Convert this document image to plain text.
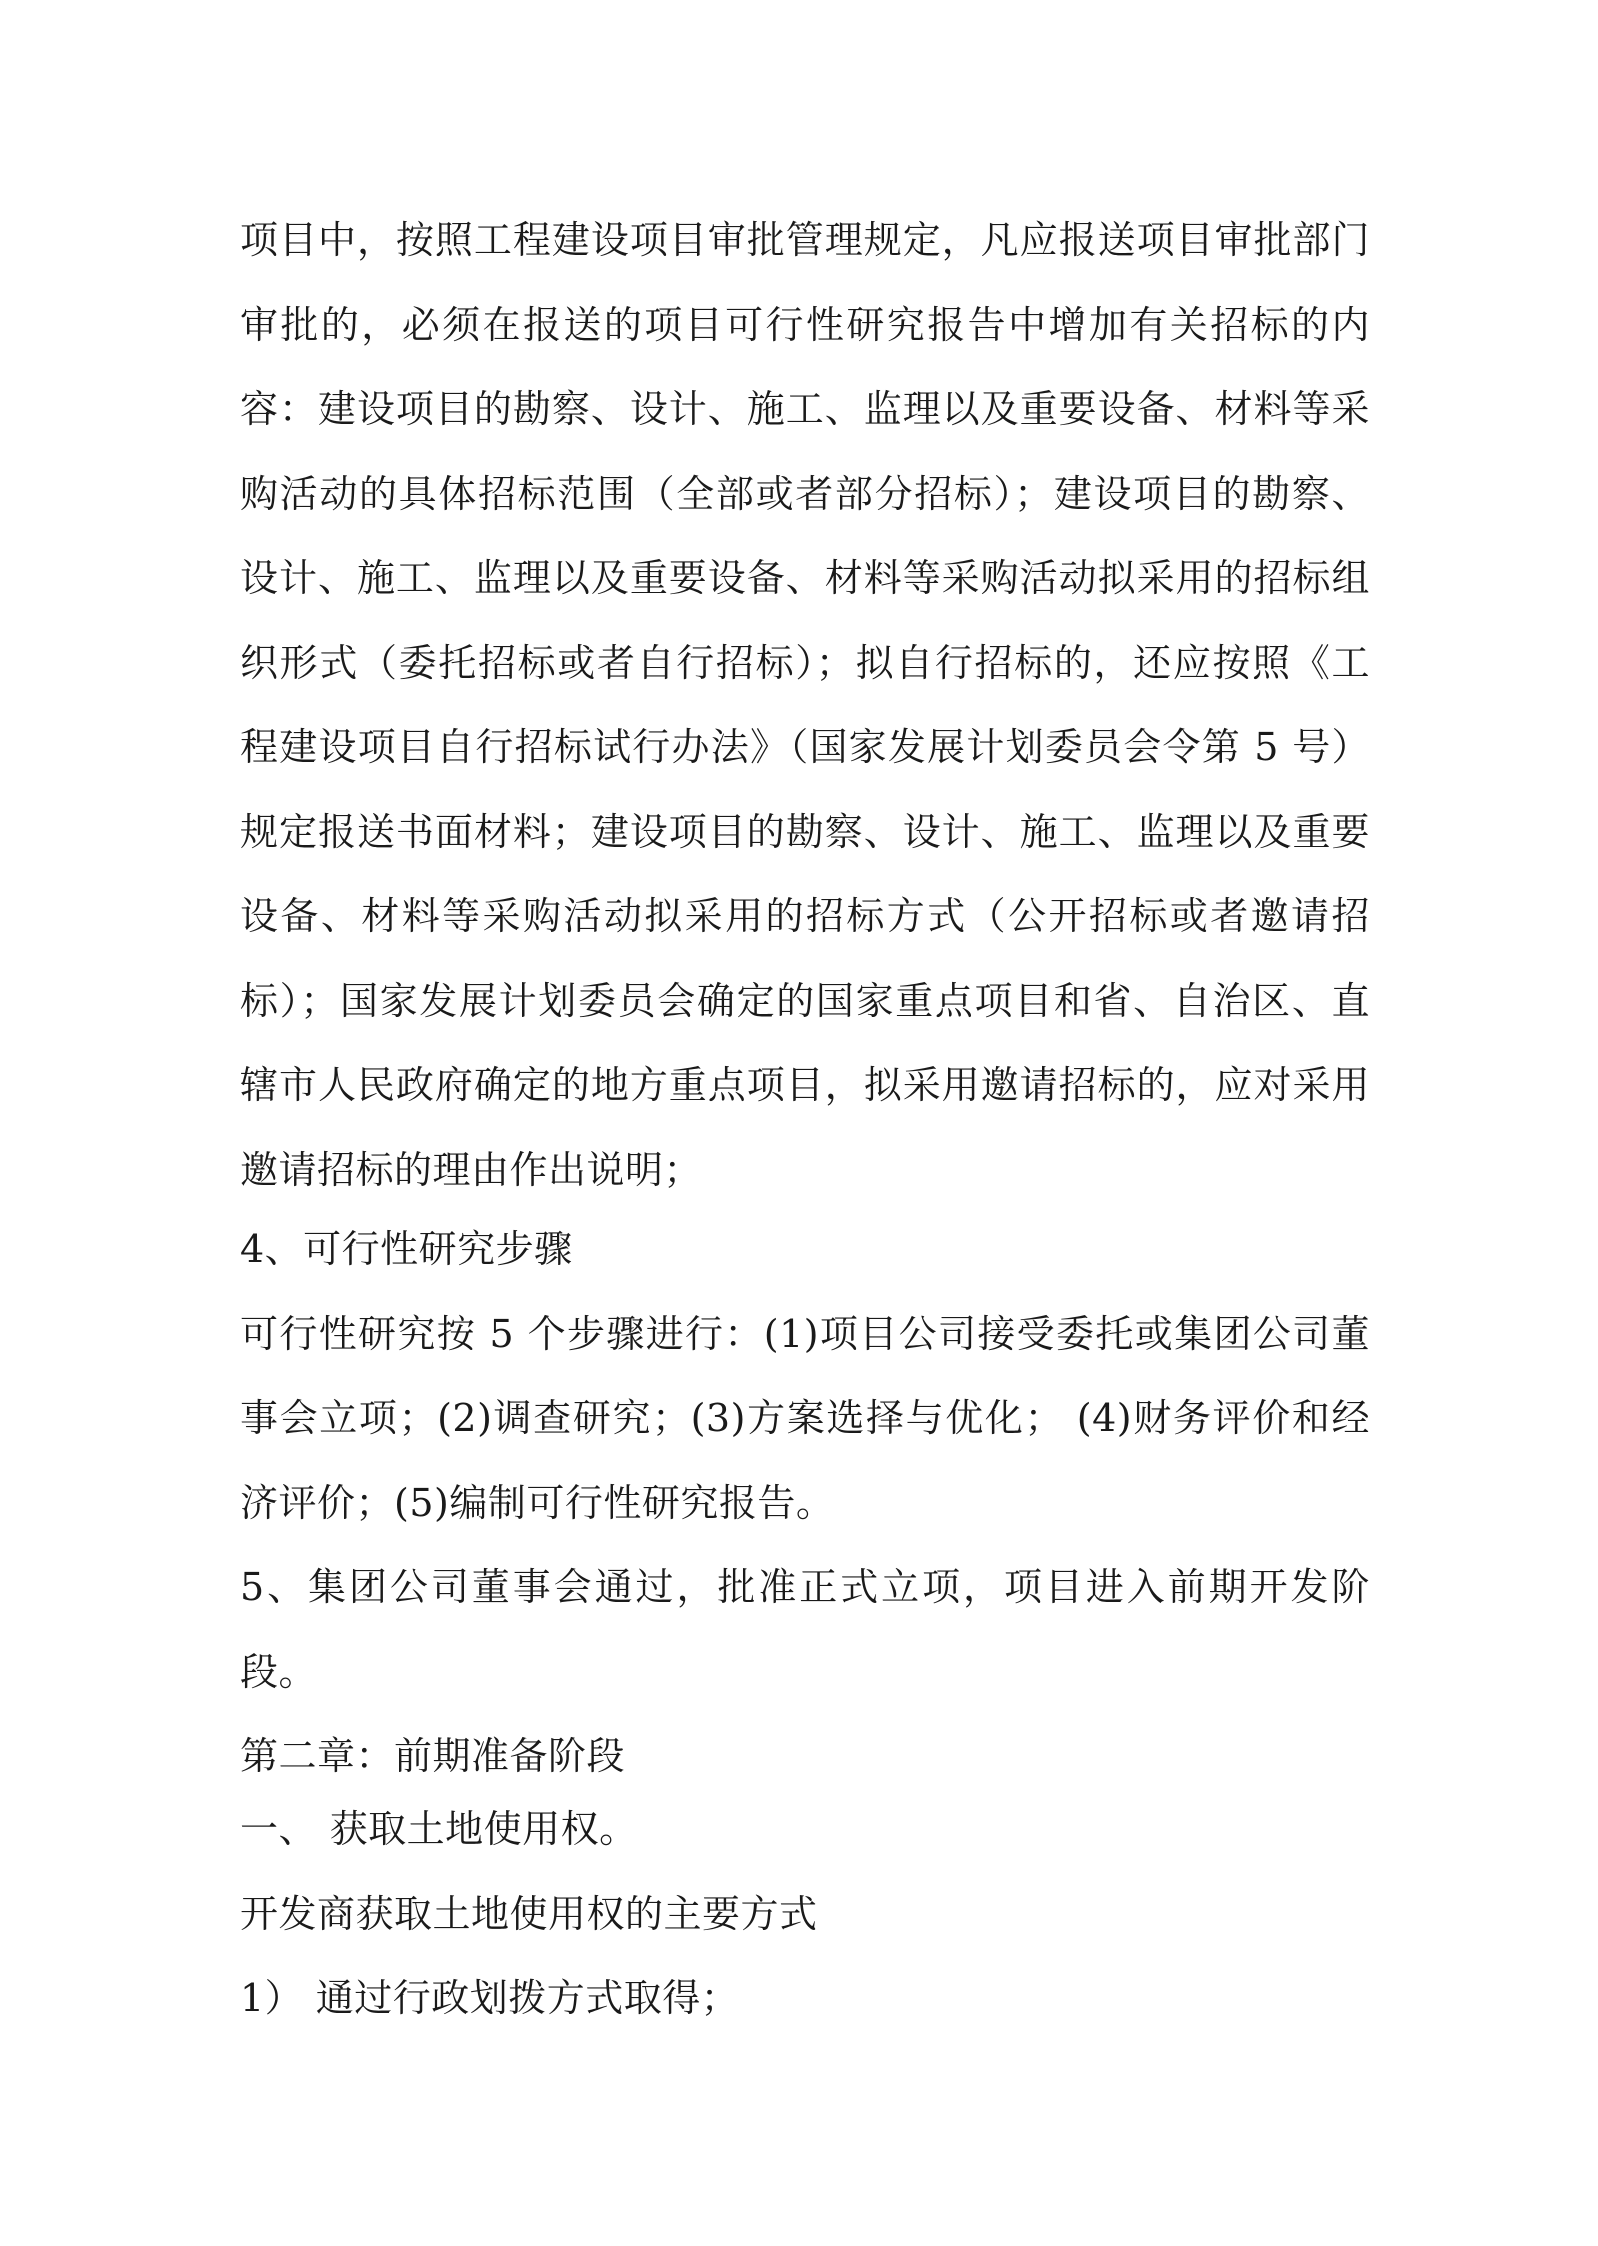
项目中，按照工程建设项目审批管理规定，凡应报送项目审批部门审批的，必须在报送的项目可行性研究报告中增加有关招标的内容：建设项目的勘察、设计、施工、监理以及重要设备、材料等采购活动的具体招标范围（全部或者部分招标）；建设项目的勘察、设计、施工、监理以及重要设备、材料等采购活动拟采用的招标组织形式（委托招标或者自行招标）；拟自行招标的，还应按照《工程建设项目自行招标试行办法》（国家发展计划委员会令第 5 号）规定报送书面材料；建设项目的勘察、设计、施工、监理以及重要设备、材料等采购活动拟采用的招标方式（公开招标或者邀请招标）；国家发展计划委员会确定的国家重点项目和省、自治区、直辖市人民政府确定的地方重点项目，拟采用邀请招标的，应对采用邀请招标的理由作出说明；

4、可行性研究步骤

可行性研究按 5 个步骤进行：(1)项目公司接受委托或集团公司董事会立项；(2)调查研究；(3)方案选择与优化； (4)财务评价和经济评价；(5)编制可行性研究报告。

5、集团公司董事会通过，批准正式立项，项目进入前期开发阶段。

第二章：前期准备阶段

一、 获取土地使用权。

开发商获取土地使用权的主要方式

1） 通过行政划拨方式取得；
